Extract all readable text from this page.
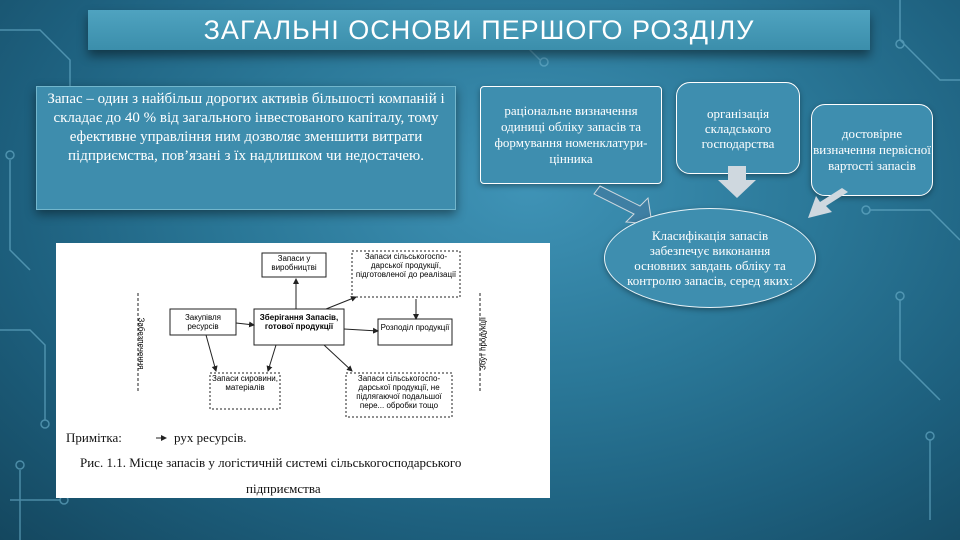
ЗАГАЛЬНІ ОСНОВИ ПЕРШОГО РОЗДІЛУ

Запас – один з найбільш дорогих активів більшості компаній і складає до 40 % від загального інвестованого капіталу, тому ефективне управління ним дозволяє зменшити витрати підприємства, пов’язані з їх надлишком чи недостачею.

раціональне визначення одиниці обліку запасів та формування номенклатури-цінника
організація складського господарства
достовірне визначення первісної вартості запасів
Класифікація запасів забезпечує виконання основних завдань обліку та контролю запасів, серед яких:
Запаси у виробництві
Запаси сільськогоспо-дарської продукції, підготовленої до реалізації
Закупівля ресурсів
Зберігання Запасів, готової продукції	Розподіл продукції
Запаси сировини, матеріалів
Запаси сільськогоспо-дарської продукції, не підлягаючої подальшої пере... обробки тощо
Забезпечення	Збут продукції
Примітка:	рух ресурсів.
Рис. 1.1. Місце запасів у логістичній системі сільськогосподарського
підприємства
